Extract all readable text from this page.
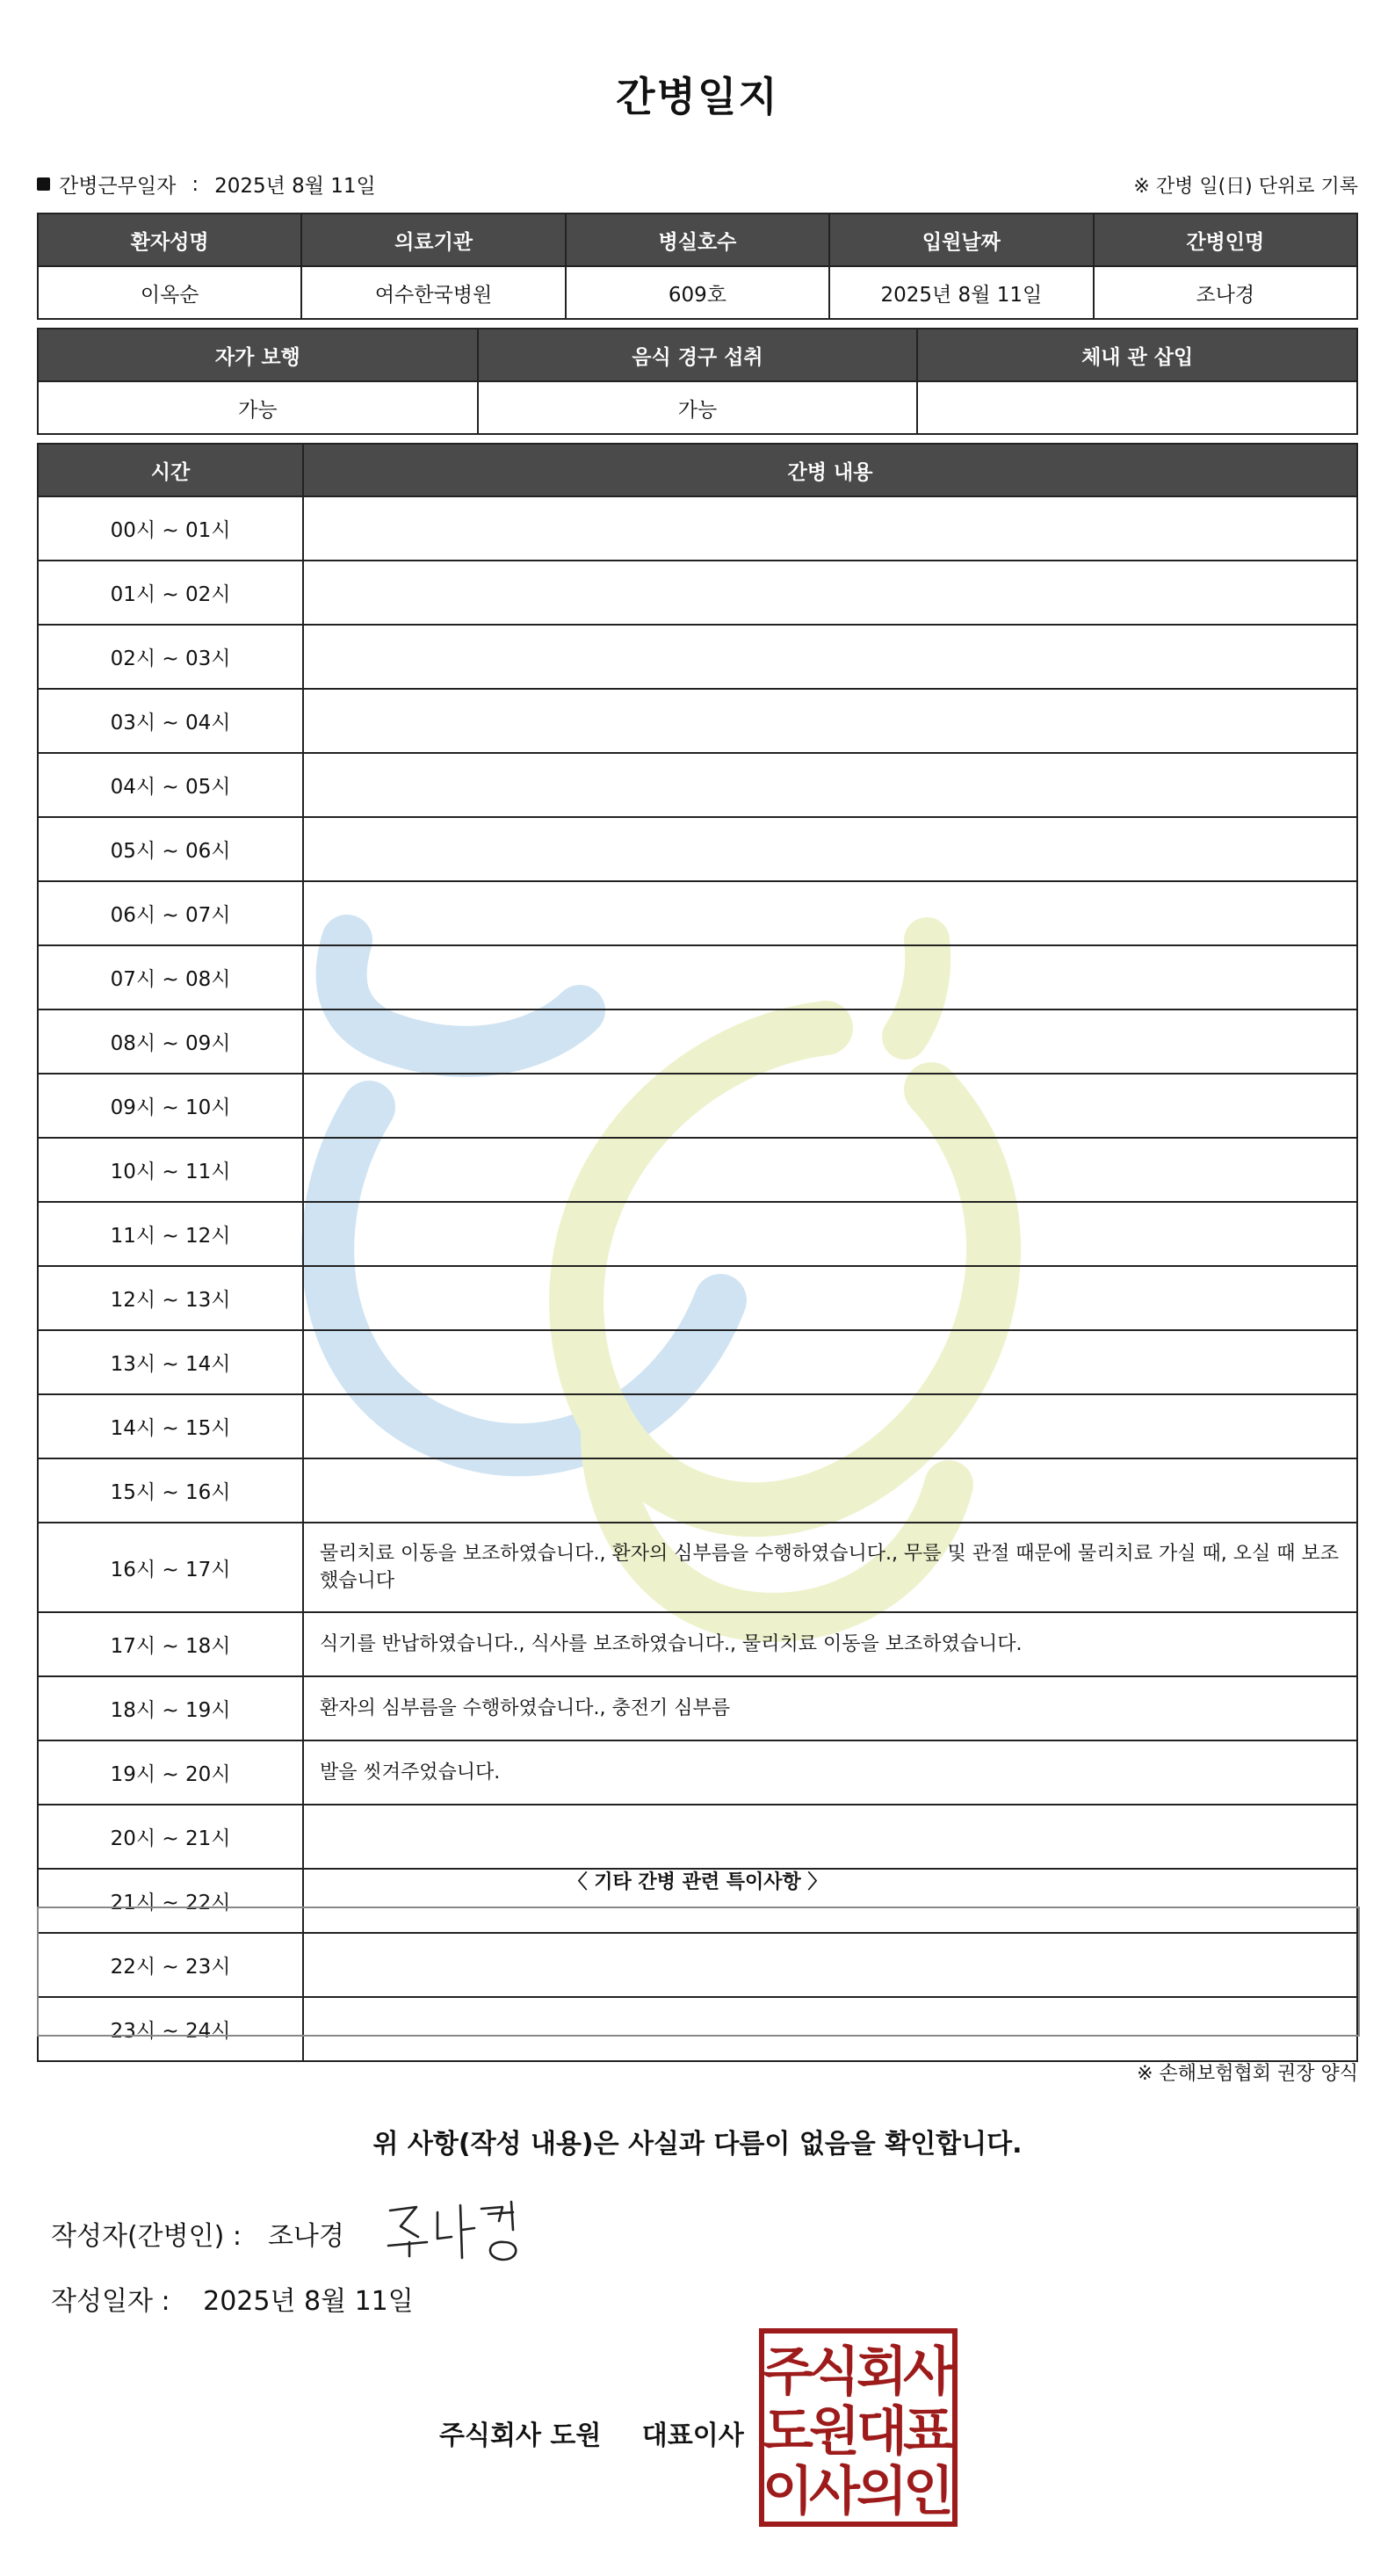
간병일지
간병근무일자 : 2025년 8월 11일	※ 간병 일(日) 단위로 기록
환자성명	의료기관	병실호수	입원날짜	간병인명
이옥순	여수한국병원	609호	2025년 8월 11일	조나경
자가 보행	음식 경구 섭취	체내 관 삽입
가능	가능	
시간	간병 내용
00시 ~ 01시	
01시 ~ 02시	
02시 ~ 03시	
03시 ~ 04시	
04시 ~ 05시	
05시 ~ 06시	
06시 ~ 07시	
07시 ~ 08시	
08시 ~ 09시	
09시 ~ 10시	
10시 ~ 11시	
11시 ~ 12시	
12시 ~ 13시	
13시 ~ 14시	
14시 ~ 15시	
15시 ~ 16시	
16시 ~ 17시	물리치료 이동을 보조하였습니다., 환자의 심부름을 수행하였습니다., 무릎 및 관절 때문에 물리치료 가실 때, 오실 때 보조했습니다
17시 ~ 18시	식기를 반납하였습니다., 식사를 보조하였습니다., 물리치료 이동을 보조하였습니다.
18시 ~ 19시	환자의 심부름을 수행하였습니다., 충전기 심부름
19시 ~ 20시	발을 씻겨주었습니다.
20시 ~ 21시	
21시 ~ 22시	
22시 ~ 23시	
23시 ~ 24시	
〈 기타 간병 관련 특이사항 〉
※ 손해보험협회 권장 양식
위 사항(작성 내용)은 사실과 다름이 없음을 확인합니다.
작성자(간병인) : 조나경
작성일자 : 2025년 8월 11일
주식회사 도원 대표이사
주
식
회
사
도
원
대
표
이
사
의
인
